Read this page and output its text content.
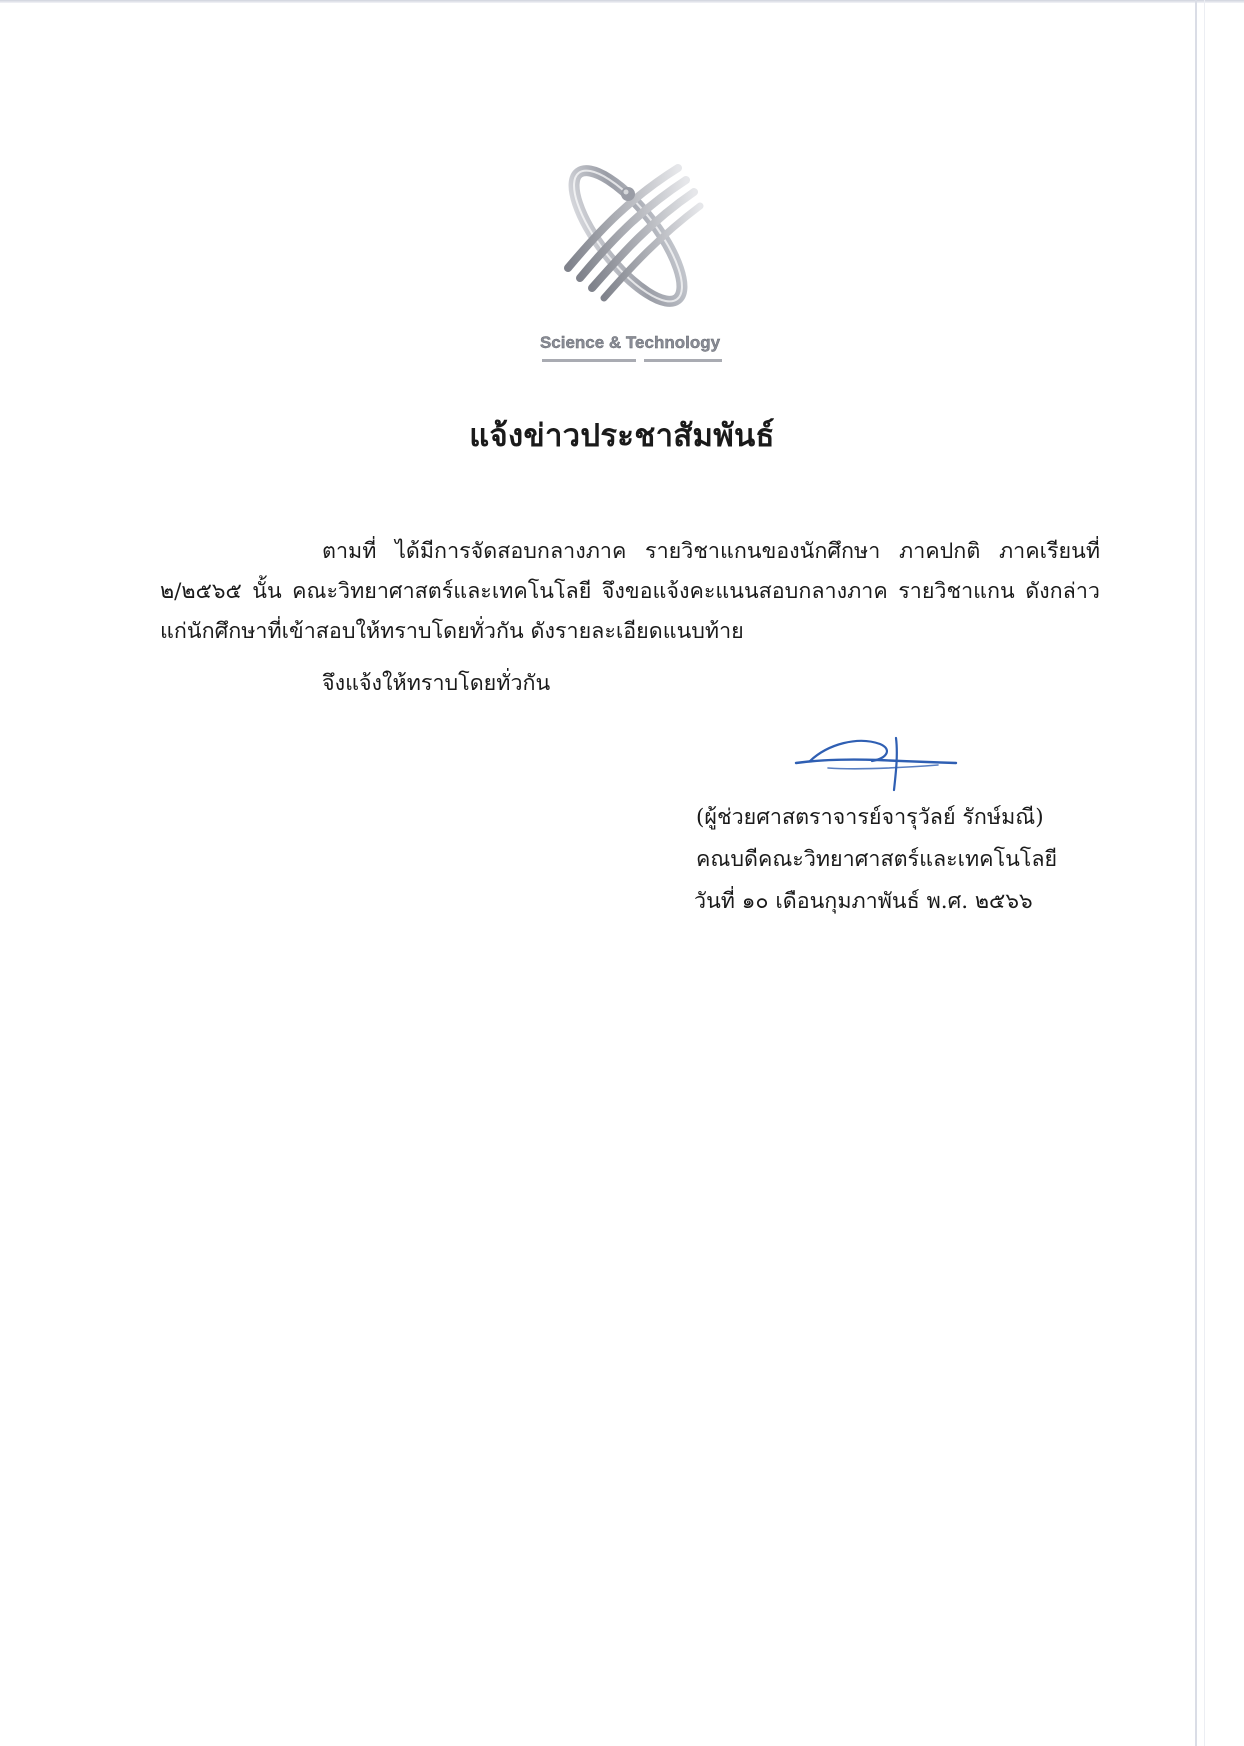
Science & Technology
แจ้งข่าวประชาสัมพันธ์
ตามที่ ได้มีการจัดสอบกลางภาค รายวิชาแกนของนักศึกษา ภาคปกติ ภาคเรียนที่
๒/๒๕๖๕ นั้น คณะวิทยาศาสตร์และเทคโนโลยี จึงขอแจ้งคะแนนสอบกลางภาค รายวิชาแกน ดังกล่าว
แก่นักศึกษาที่เข้าสอบให้ทราบโดยทั่วกัน ดังรายละเอียดแนบท้าย
จึงแจ้งให้ทราบโดยทั่วกัน
(ผู้ช่วยศาสตราจารย์จารุวัลย์ รักษ์มณี)
คณบดีคณะวิทยาศาสตร์และเทคโนโลยี
วันที่ ๑๐ เดือนกุมภาพันธ์ พ.ศ. ๒๕๖๖
